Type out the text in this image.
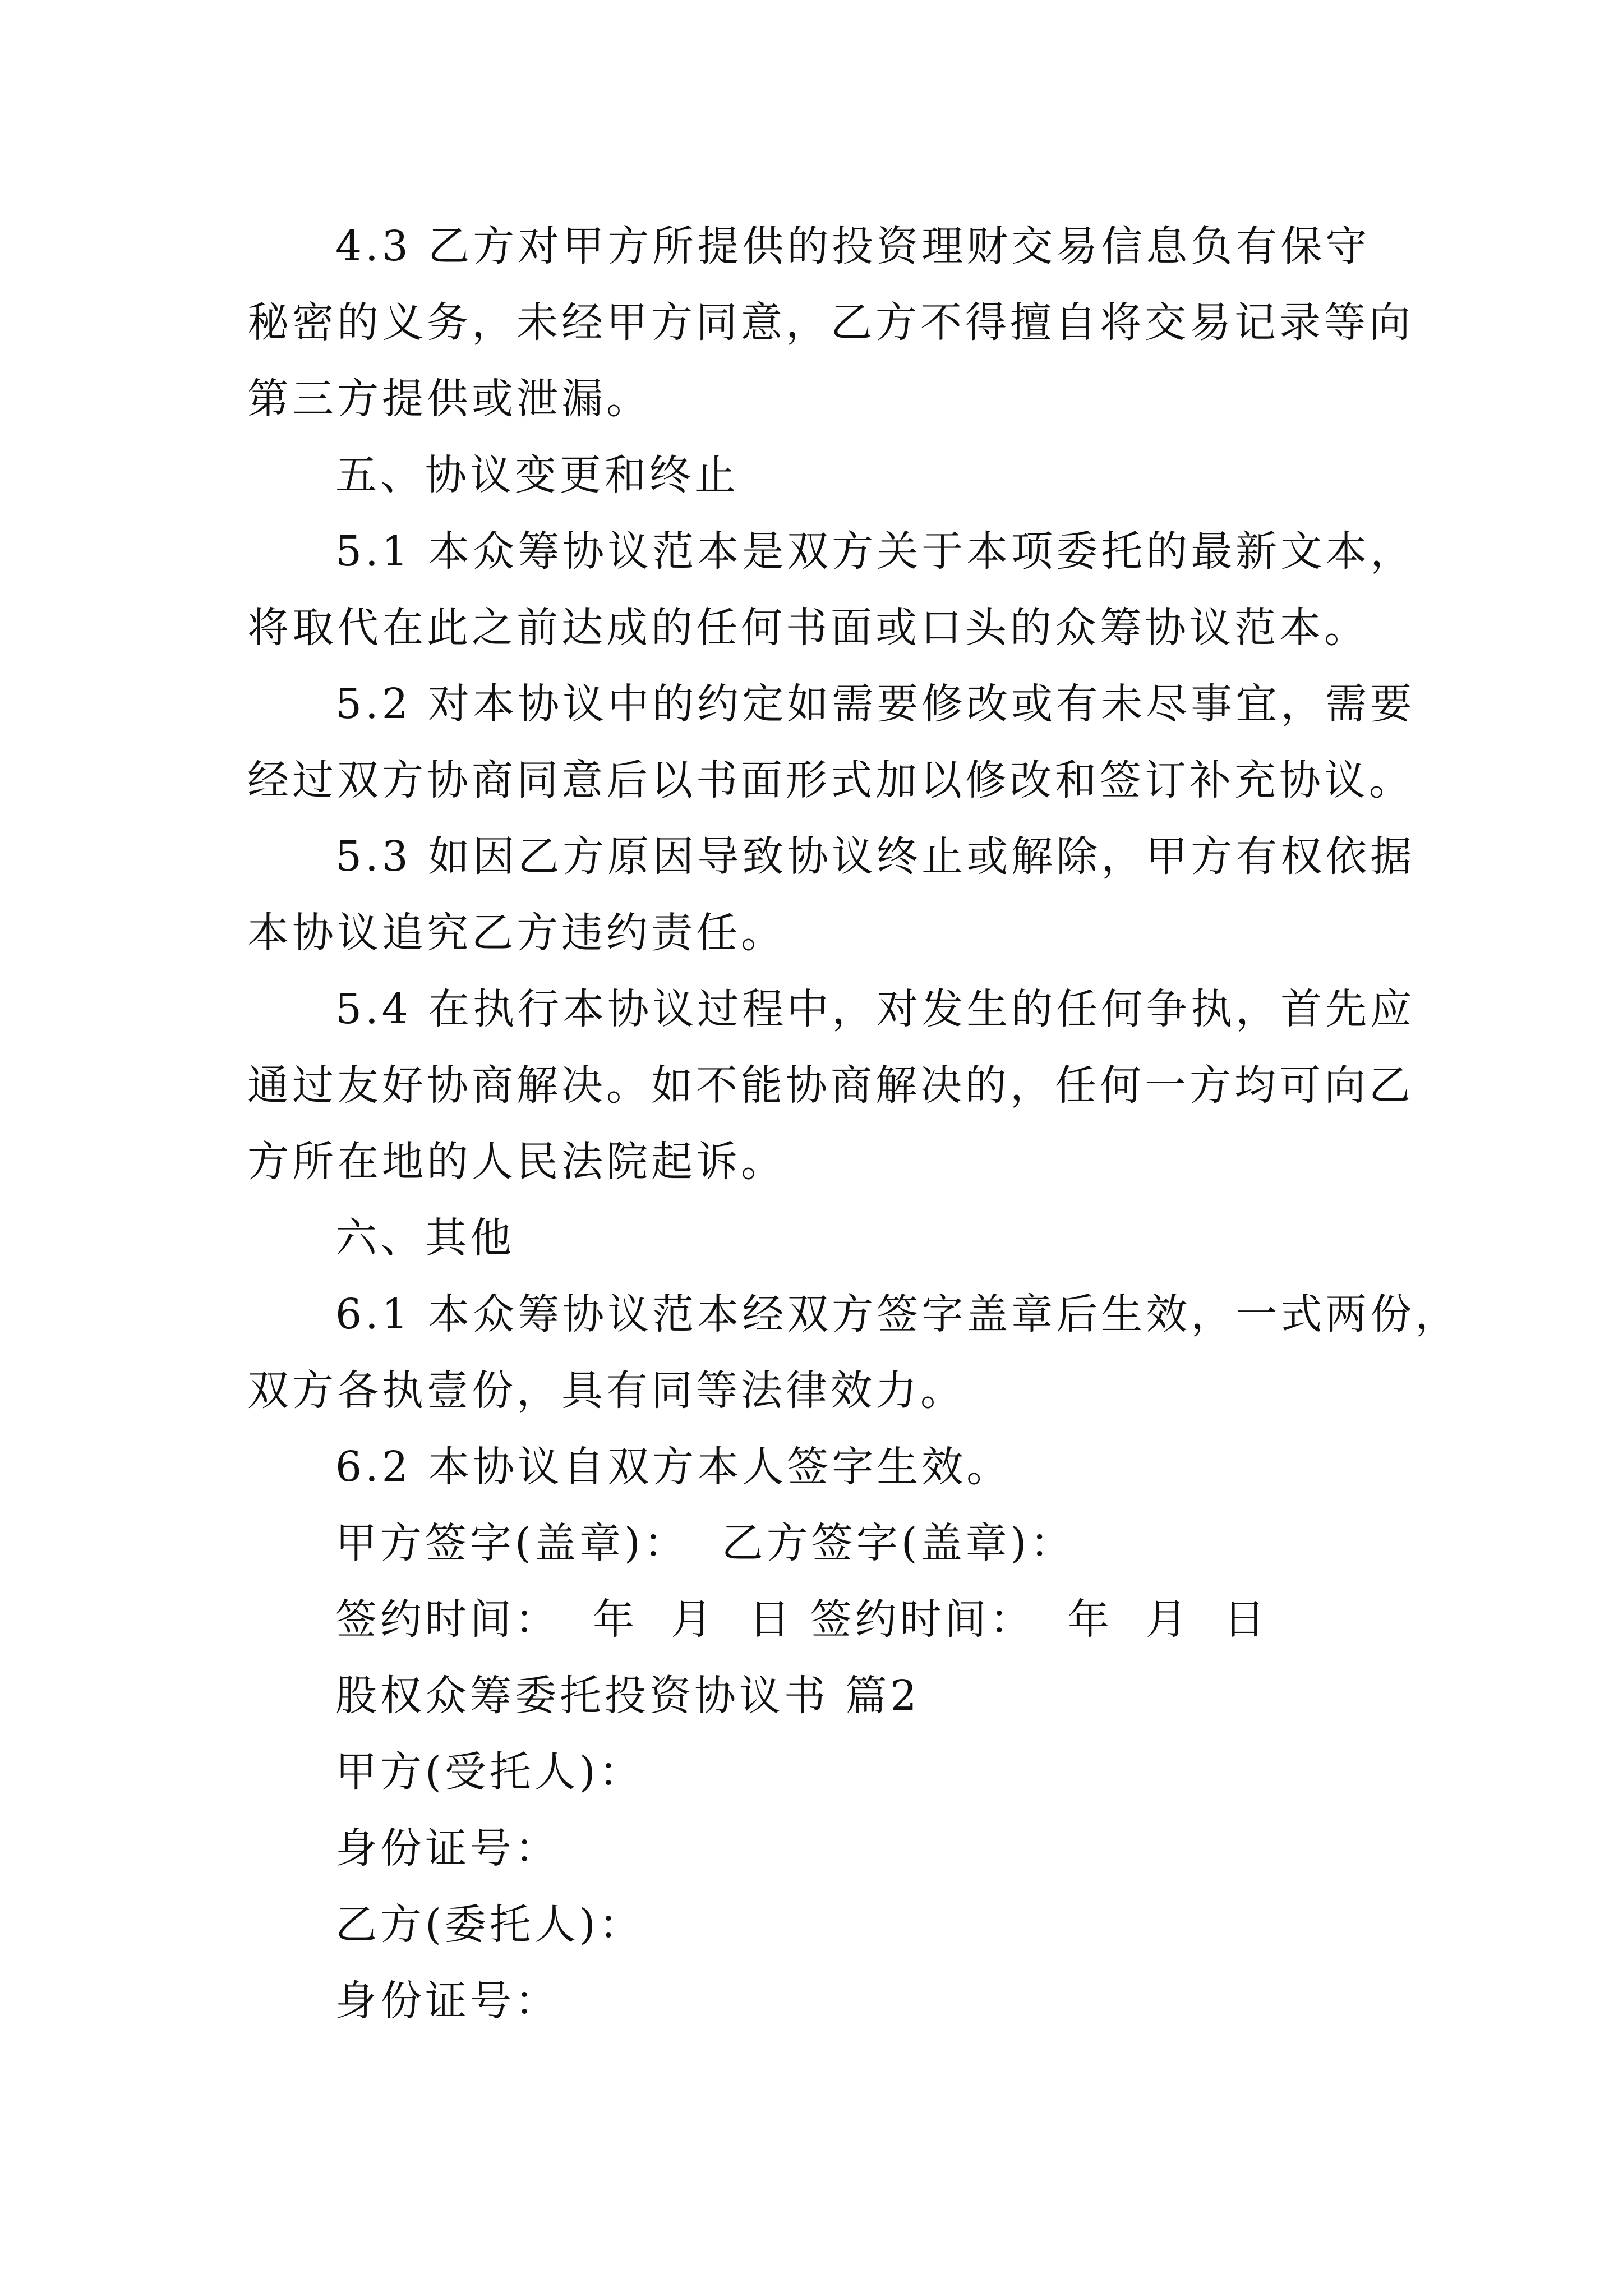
4.3 乙方对甲方所提供的投资理财交易信息负有保守
秘密的义务，未经甲方同意，乙方不得擅自将交易记录等向
第三方提供或泄漏。
五、协议变更和终止
5.1 本众筹协议范本是双方关于本项委托的最新文本，
将取代在此之前达成的任何书面或口头的众筹协议范本。
5.2 对本协议中的约定如需要修改或有未尽事宜，需要
经过双方协商同意后以书面形式加以修改和签订补充协议。
5.3 如因乙方原因导致协议终止或解除，甲方有权依据
本协议追究乙方违约责任。
5.4 在执行本协议过程中，对发生的任何争执，首先应
通过友好协商解决。如不能协商解决的，任何一方均可向乙
方所在地的人民法院起诉。
六、其他
6.1 本众筹协议范本经双方签字盖章后生效，一式两份，
双方各执壹份，具有同等法律效力。
6.2 本协议自双方本人签字生效。
甲方签字(盖章)：  乙方签字(盖章)：
签约时间：  年  月  日 签约时间：  年  月  日
股权众筹委托投资协议书 篇2
甲方(受托人)：
身份证号：
乙方(委托人)：
身份证号：
